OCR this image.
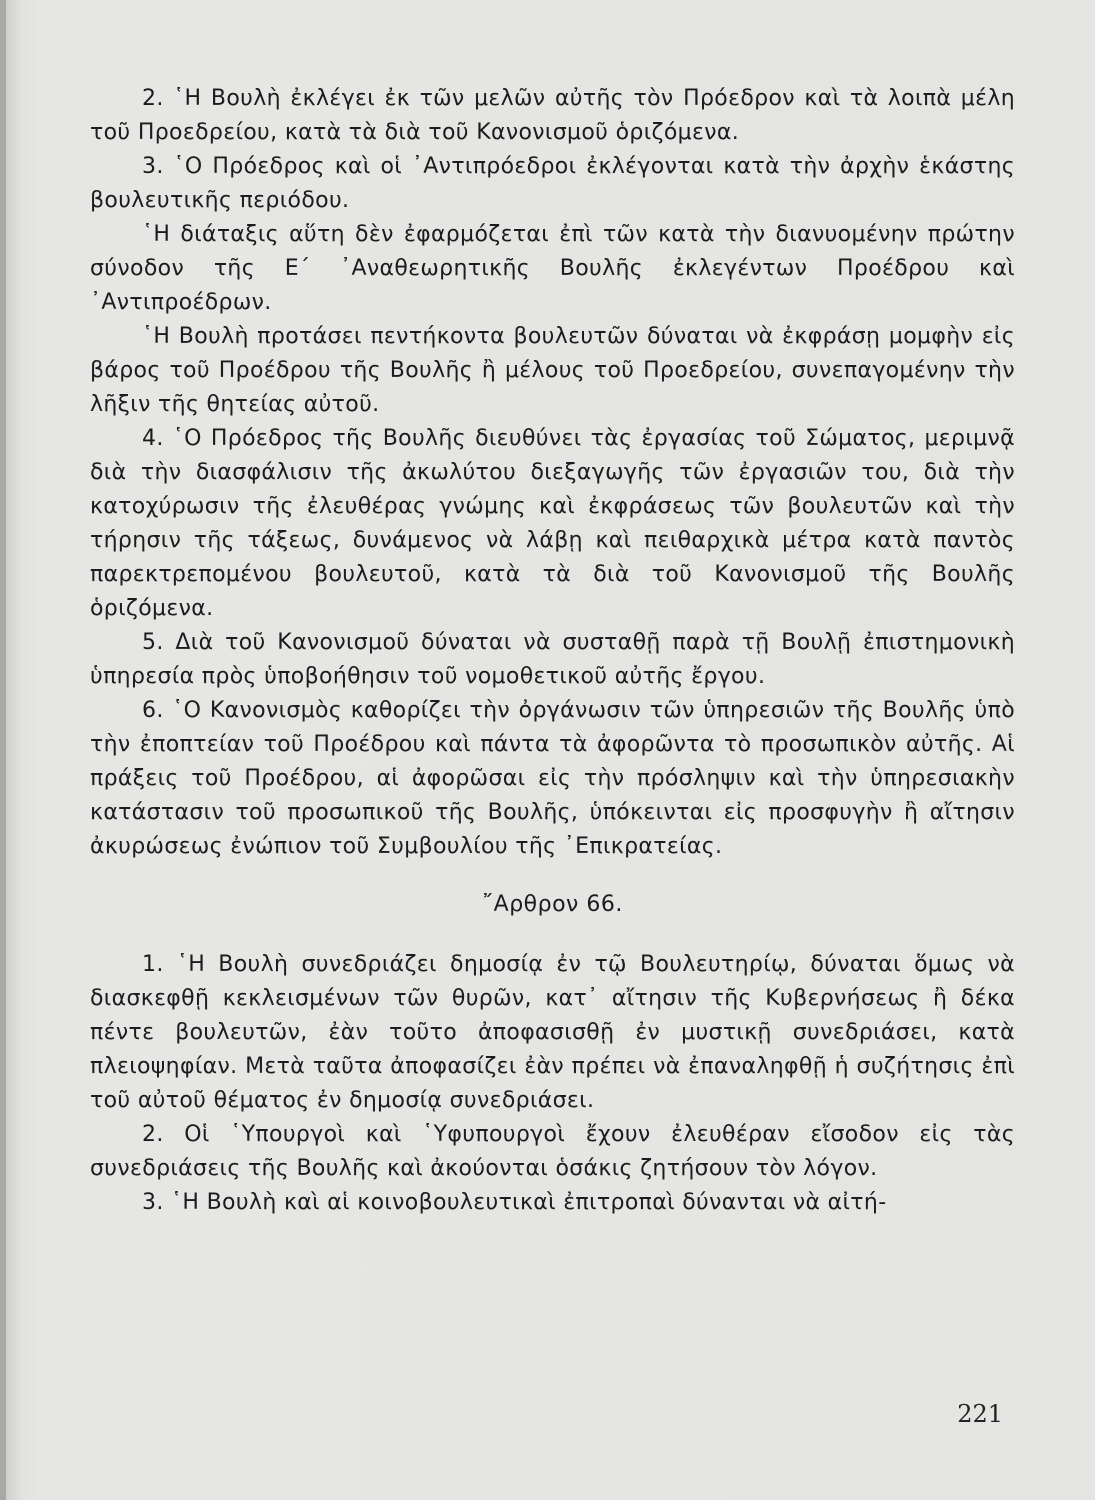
2. ῾Η Βουλὴ ἐκλέγει ἐκ τῶν μελῶν αὐτῆς τὸν Πρόεδρον καὶ τὰ λοιπὰ μέλη τοῦ Προεδρείου, κατὰ τὰ διὰ τοῦ Κανονισμοῦ ὁριζόμενα.

3. ῾Ο Πρόεδρος καὶ οἱ ᾿Αντιπρόεδροι ἐκλέγονται κατὰ τὴν ἀρχὴν ἑκάστης βουλευτικῆς περιόδου.

῾Η διάταξις αὕτη δὲν ἐφαρμόζεται ἐπὶ τῶν κατὰ τὴν διανυομένην πρώτην σύνοδον τῆς Ε΄ ᾿Αναθεωρητικῆς Βουλῆς ἐκλεγέντων Προέδρου καὶ ᾿Αντιπροέδρων.

῾Η Βουλὴ προτάσει πεντήκοντα βουλευτῶν δύναται νὰ ἐκφράσῃ μομφὴν εἰς βάρος τοῦ Προέδρου τῆς Βουλῆς ἢ μέλους τοῦ Προεδρείου, συνεπαγομένην τὴν λῆξιν τῆς θητείας αὐτοῦ.

4. ῾Ο Πρόεδρος τῆς Βουλῆς διευθύνει τὰς ἐργασίας τοῦ Σώματος, μεριμνᾷ διὰ τὴν διασφάλισιν τῆς ἀκωλύτου διεξαγωγῆς τῶν ἐργασιῶν του, διὰ τὴν κατοχύρωσιν τῆς ἐλευθέρας γνώμης καὶ ἐκφράσεως τῶν βουλευτῶν καὶ τὴν τήρησιν τῆς τάξεως, δυνάμενος νὰ λάβῃ καὶ πειθαρχικὰ μέτρα κατὰ παντὸς παρεκτρεπομένου βουλευτοῦ, κατὰ τὰ διὰ τοῦ Κανονισμοῦ τῆς Βουλῆς ὁριζόμενα.

5. Διὰ τοῦ Κανονισμοῦ δύναται νὰ συσταθῇ παρὰ τῇ Βουλῇ ἐπιστημονικὴ ὑπηρεσία πρὸς ὑποβοήθησιν τοῦ νομοθετικοῦ αὐτῆς ἔργου.

6. ῾Ο Κανονισμὸς καθορίζει τὴν ὀργάνωσιν τῶν ὑπηρεσιῶν τῆς Βουλῆς ὑπὸ τὴν ἐποπτείαν τοῦ Προέδρου καὶ πάντα τὰ ἀφορῶντα τὸ προσωπικὸν αὐτῆς. Αἱ πράξεις τοῦ Προέδρου, αἱ ἀφορῶσαι εἰς τὴν πρόσληψιν καὶ τὴν ὑπηρεσιακὴν κατάστασιν τοῦ προσωπικοῦ τῆς Βουλῆς, ὑπόκεινται εἰς προσφυγὴν ἢ αἴτησιν ἀκυρώσεως ἐνώπιον τοῦ Συμβουλίου τῆς ᾿Επικρατείας.

῎Αρθρον 66.

1. ῾Η Βουλὴ συνεδριάζει δημοσίᾳ ἐν τῷ Βουλευτηρίῳ, δύναται ὅμως νὰ διασκεφθῇ κεκλεισμένων τῶν θυρῶν, κατ᾿ αἴτησιν τῆς Κυβερνήσεως ἢ δέκα πέντε βουλευτῶν, ἐὰν τοῦτο ἀποφασισθῇ ἐν μυστικῇ συνεδριάσει, κατὰ πλειοψηφίαν. Μετὰ ταῦτα ἀποφασίζει ἐὰν πρέπει νὰ ἐπαναληφθῇ ἡ συζήτησις ἐπὶ τοῦ αὐτοῦ θέματος ἐν δημοσίᾳ συνεδριάσει.

2. Οἱ ῾Υπουργοὶ καὶ ῾Υφυπουργοὶ ἔχουν ἐλευθέραν εἴσοδον εἰς τὰς συνεδριάσεις τῆς Βουλῆς καὶ ἀκούονται ὁσάκις ζητήσουν τὸν λόγον.

3. ῾Η Βουλὴ καὶ αἱ κοινοβουλευτικαὶ ἐπιτροπαὶ δύνανται νὰ αἰτή-

221
